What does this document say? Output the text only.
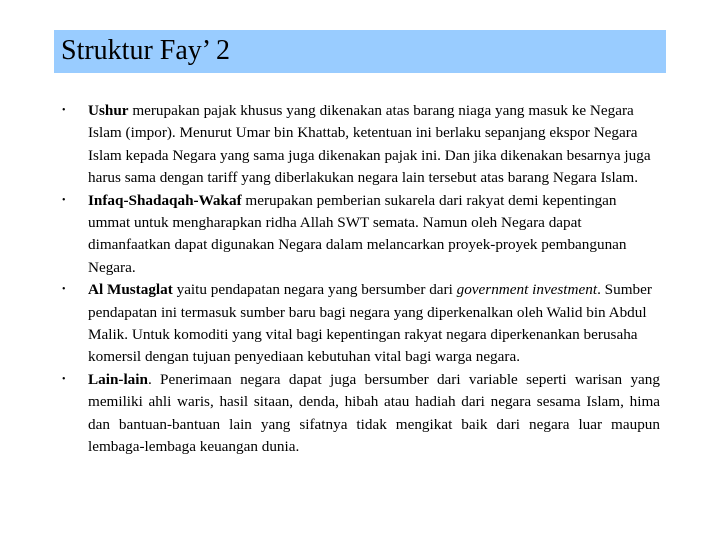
Struktur Fay’ 2
• Ushur merupakan pajak khusus yang dikenakan atas barang niaga yang masuk ke Negara Islam (impor). Menurut Umar bin Khattab, ketentuan ini berlaku sepanjang ekspor Negara Islam kepada Negara yang sama juga dikenakan pajak ini. Dan jika dikenakan besarnya juga harus sama dengan tariff yang diberlakukan negara lain tersebut atas barang Negara Islam.
• Infaq-Shadaqah-Wakaf merupakan pemberian sukarela dari rakyat demi kepentingan ummat untuk mengharapkan ridha Allah SWT semata. Namun oleh Negara dapat dimanfaatkan dapat digunakan Negara dalam melancarkan proyek-proyek pembangunan Negara.
• Al Mustaglat yaitu pendapatan negara yang bersumber dari government investment. Sumber pendapatan ini termasuk sumber baru bagi negara yang diperkenalkan oleh Walid bin Abdul Malik. Untuk komoditi yang vital bagi kepentingan rakyat negara diperkenankan berusaha komersil dengan tujuan penyediaan kebutuhan vital bagi warga negara.
• Lain-lain. Penerimaan negara dapat juga bersumber dari variable seperti warisan yang memiliki ahli waris, hasil sitaan, denda, hibah atau hadiah dari negara sesama Islam, hima dan bantuan-bantuan lain yang sifatnya tidak mengikat baik dari negara luar maupun lembaga-lembaga keuangan dunia.
